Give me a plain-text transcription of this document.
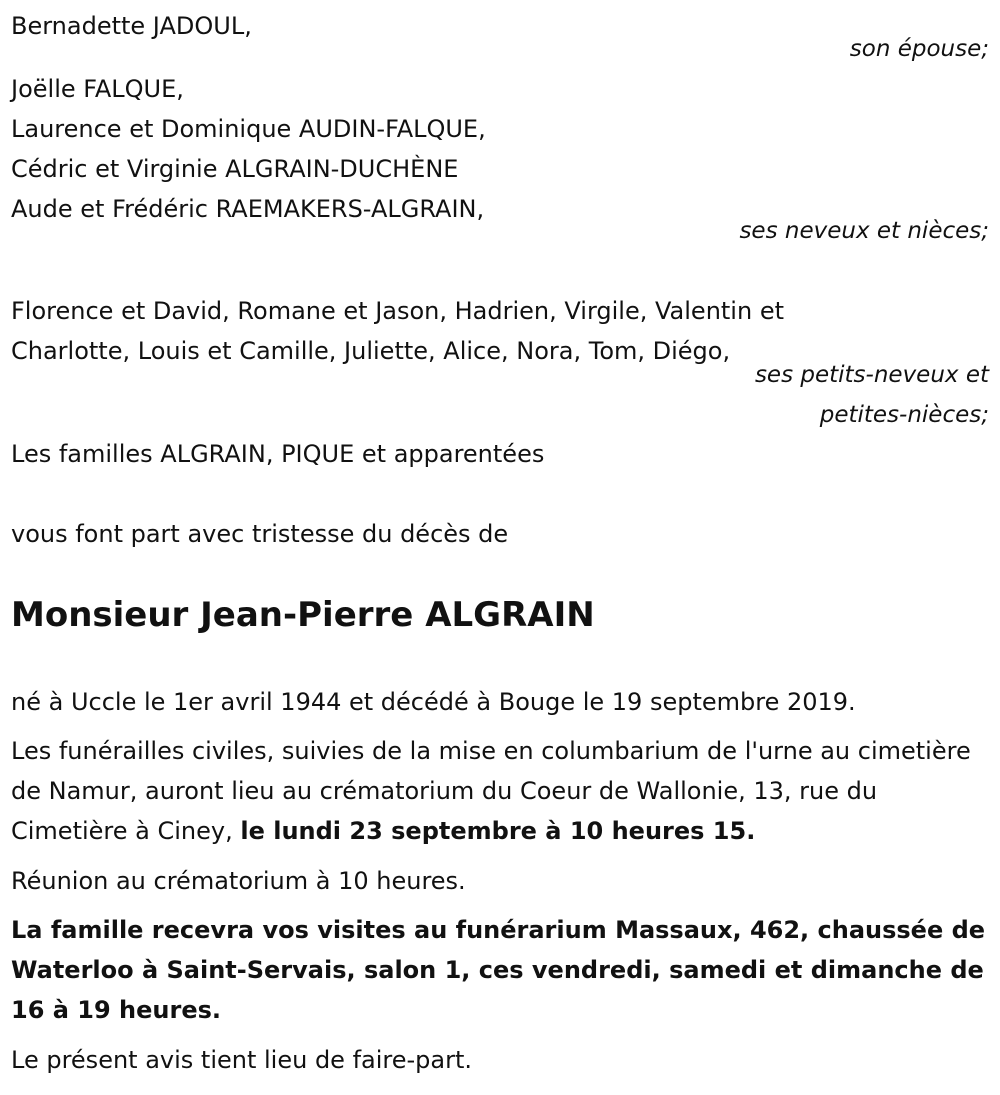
Bernadette JADOUL,
son épouse;
Joëlle FALQUE,
Laurence et Dominique AUDIN-FALQUE,
Cédric et Virginie ALGRAIN-DUCHÈNE
Aude et Frédéric RAEMAKERS-ALGRAIN,
ses neveux et nièces;
Florence et David, Romane et Jason, Hadrien, Virgile, Valentin et Charlotte, Louis et Camille, Juliette, Alice, Nora, Tom, Diégo,
ses petits-neveux et petites-nièces;
Les familles ALGRAIN, PIQUE et apparentées
vous font part avec tristesse du décès de
Monsieur Jean-Pierre ALGRAIN
né à Uccle le 1er avril 1944 et décédé à Bouge le 19 septembre 2019.
Les funérailles civiles, suivies de la mise en columbarium de l'urne au cimetière de Namur, auront lieu au crématorium du Coeur de Wallonie, 13, rue du Cimetière à Ciney, le lundi 23 septembre à 10 heures 15.
Réunion au crématorium à 10 heures.
La famille recevra vos visites au funérarium Massaux, 462, chaussée de Waterloo à Saint-Servais, salon 1, ces vendredi, samedi et dimanche de 16 à 19 heures.
Le présent avis tient lieu de faire-part.
